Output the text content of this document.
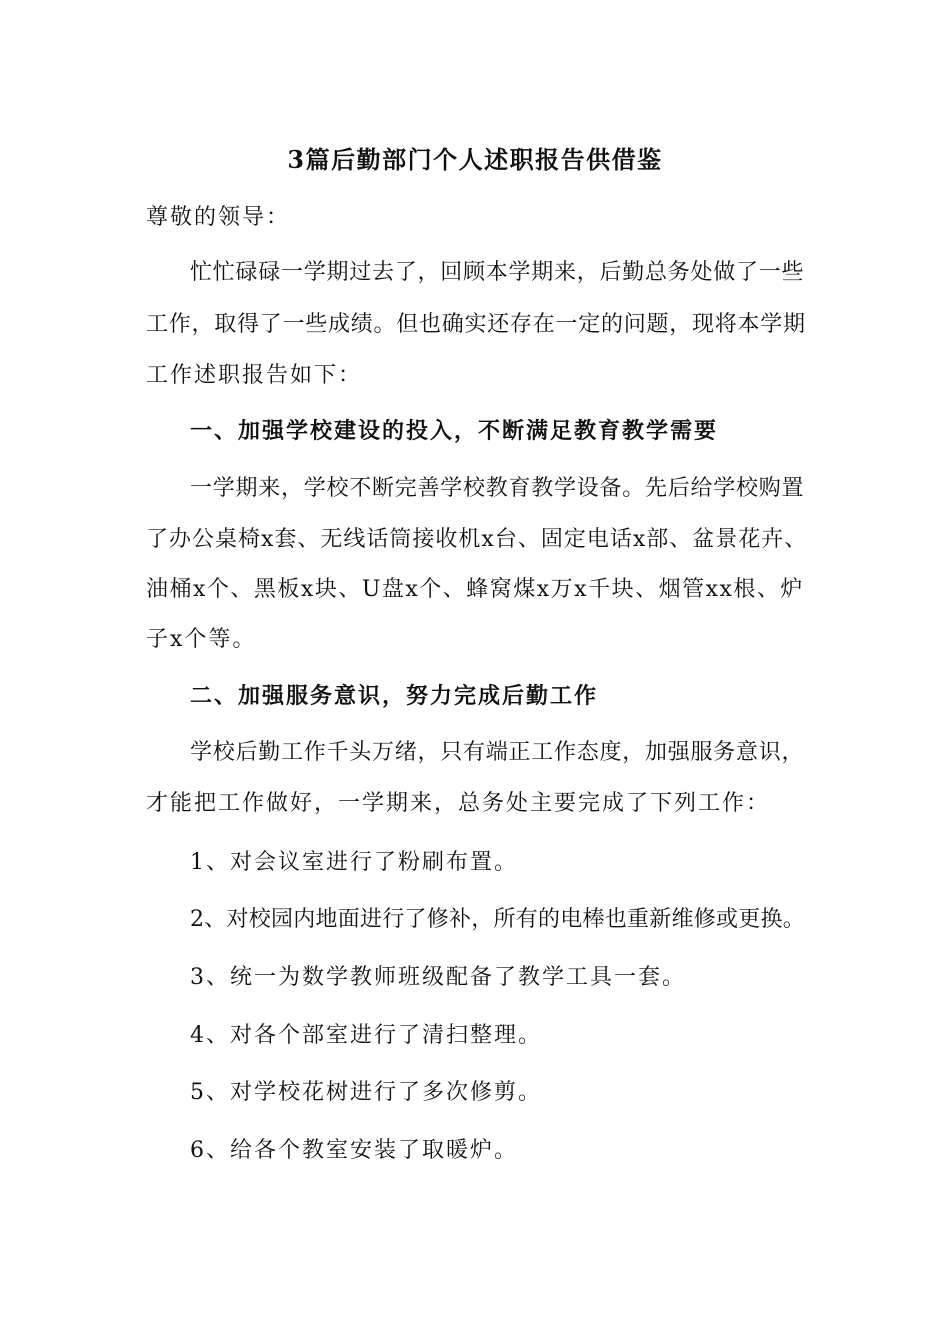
3篇后勤部门个人述职报告供借鉴
尊敬的领导：
忙忙碌碌一学期过去了，回顾本学期来，后勤总务处做了一些
工作，取得了一些成绩。但也确实还存在一定的问题，现将本学期
工作述职报告如下：
一、加强学校建设的投入，不断满足教育教学需要
一学期来，学校不断完善学校教育教学设备。先后给学校购置
了办公桌椅x套、无线话筒接收机x台、固定电话x部、盆景花卉、
油桶x个、黑板x块、U盘x个、蜂窝煤x万x千块、烟管xx根、炉
子x个等。
二、加强服务意识，努力完成后勤工作
学校后勤工作千头万绪，只有端正工作态度，加强服务意识，
才能把工作做好，一学期来，总务处主要完成了下列工作：
1、对会议室进行了粉刷布置。
2、对校园内地面进行了修补，所有的电棒也重新维修或更换。
3、统一为数学教师班级配备了教学工具一套。
4、对各个部室进行了清扫整理。
5、对学校花树进行了多次修剪。
6、给各个教室安装了取暖炉。
